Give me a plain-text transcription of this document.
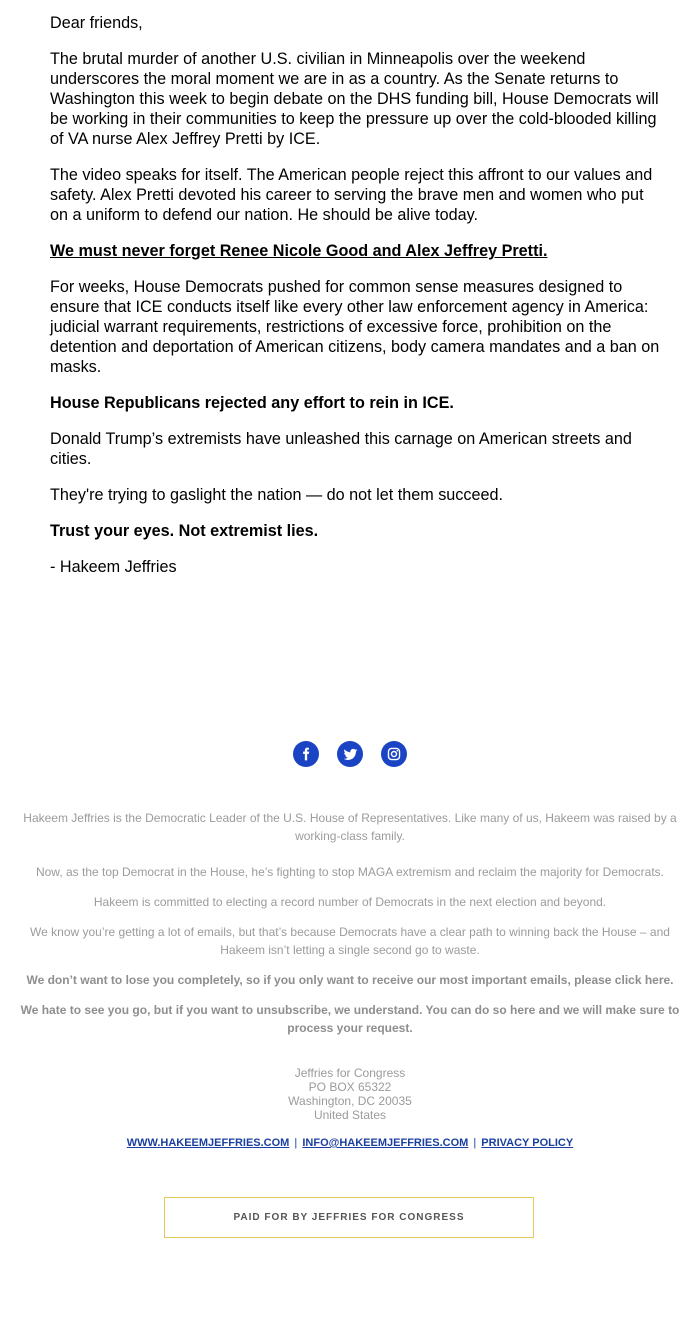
Dear friends,

The brutal murder of another U.S. civilian in Minneapolis over the weekend underscores the moral moment we are in as a country. As the Senate returns to Washington this week to begin debate on the DHS funding bill, House Democrats will be working in their communities to keep the pressure up over the cold-blooded killing of VA nurse Alex Jeffrey Pretti by ICE.

The video speaks for itself. The American people reject this affront to our values and safety. Alex Pretti devoted his career to serving the brave men and women who put on a uniform to defend our nation. He should be alive today.

We must never forget Renee Nicole Good and Alex Jeffrey Pretti.

For weeks, House Democrats pushed for common sense measures designed to ensure that ICE conducts itself like every other law enforcement agency in America: judicial warrant requirements, restrictions of excessive force, prohibition on the detention and deportation of American citizens, body camera mandates and a ban on masks.

House Republicans rejected any effort to rein in ICE.

Donald Trump’s extremists have unleashed this carnage on American streets and cities.

They're trying to gaslight the nation — do not let them succeed.

Trust your eyes. Not extremist lies.

- Hakeem Jeffries

Hakeem Jeffries is the Democratic Leader of the U.S. House of Representatives. Like many of us, Hakeem was raised by a working-class family.

Now, as the top Democrat in the House, he’s fighting to stop MAGA extremism and reclaim the majority for Democrats.

Hakeem is committed to electing a record number of Democrats in the next election and beyond.

We know you’re getting a lot of emails, but that’s because Democrats have a clear path to winning back the House – and Hakeem isn’t letting a single second go to waste.

We don’t want to lose you completely, so if you only want to receive our most important emails, please click here.

We hate to see you go, but if you want to unsubscribe, we understand. You can do so here and we will make sure to process your request.

Jeffries for Congress
PO BOX 65322
Washington, DC 20035
United States
WWW.HAKEEMJEFFRIES.COM | INFO@HAKEEMJEFFRIES.COM | PRIVACY POLICY
PAID FOR BY JEFFRIES FOR CONGRESS
